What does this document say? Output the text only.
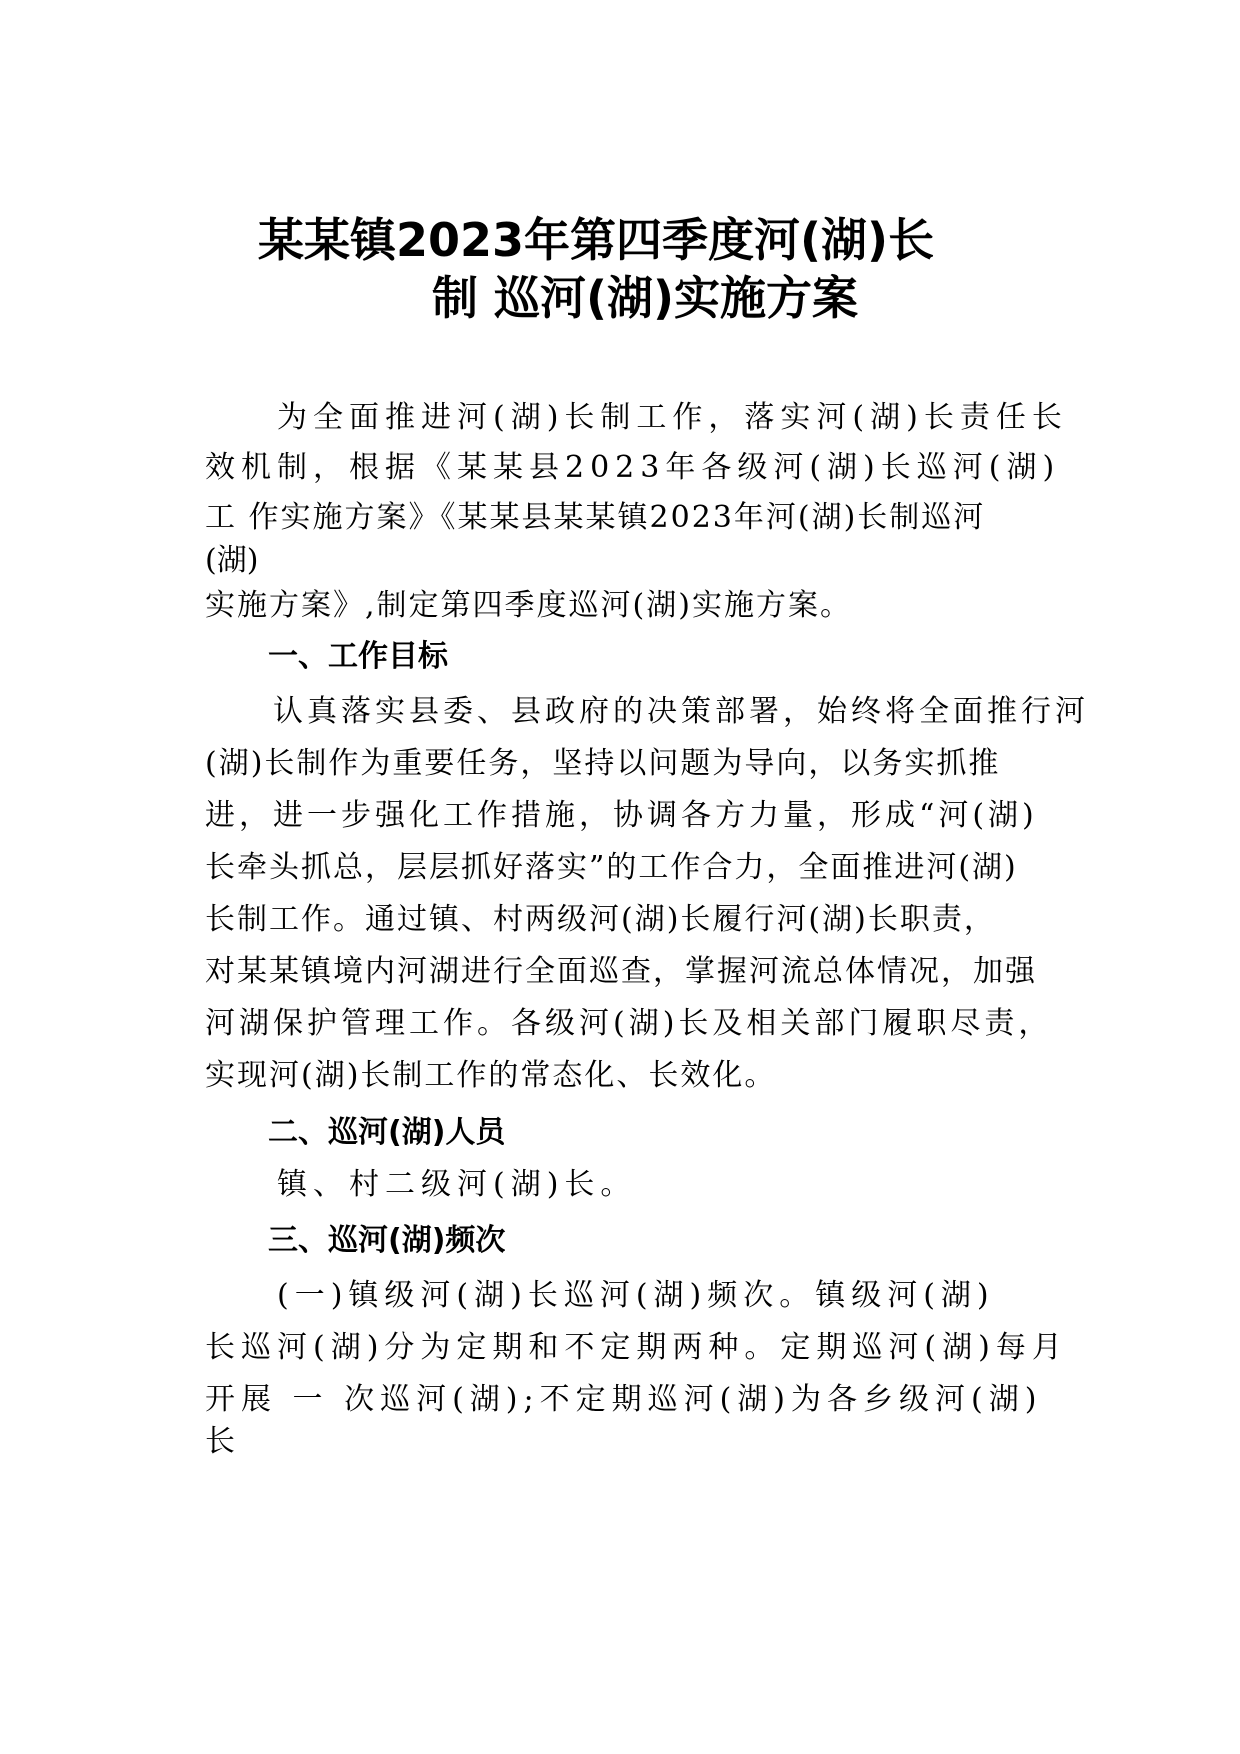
某某镇2023年第四季度河(湖)长
制 巡河(湖)实施方案
　　为全面推进河(湖)长制工作，落实河(湖)长责任长
效机制，根据《某某县2023年各级河(湖)长巡河(湖)
工 作实施方案》《某某县某某镇2023年河(湖)长制巡河
(湖)
实施方案》,制定第四季度巡河(湖)实施方案。
一、工作目标
　　认真落实县委、县政府的决策部署，始终将全面推行河
(湖)长制作为重要任务，坚持以问题为导向，以务实抓推
进，进一步强化工作措施，协调各方力量，形成“河(湖)
长牵头抓总，层层抓好落实”的工作合力，全面推进河(湖)
长制工作。通过镇、村两级河(湖)长履行河(湖)长职责，
对某某镇境内河湖进行全面巡查，掌握河流总体情况，加强
河湖保护管理工作。各级河(湖)长及相关部门履职尽责，
实现河(湖)长制工作的常态化、长效化。
二、巡河(湖)人员
　　镇、村二级河(湖)长。
三、巡河(湖)频次
　　(一)镇级河(湖)长巡河(湖)频次。镇级河(湖)
长巡河(湖)分为定期和不定期两种。定期巡河(湖)每月
开展 一 次巡河(湖);不定期巡河(湖)为各乡级河(湖)
长
